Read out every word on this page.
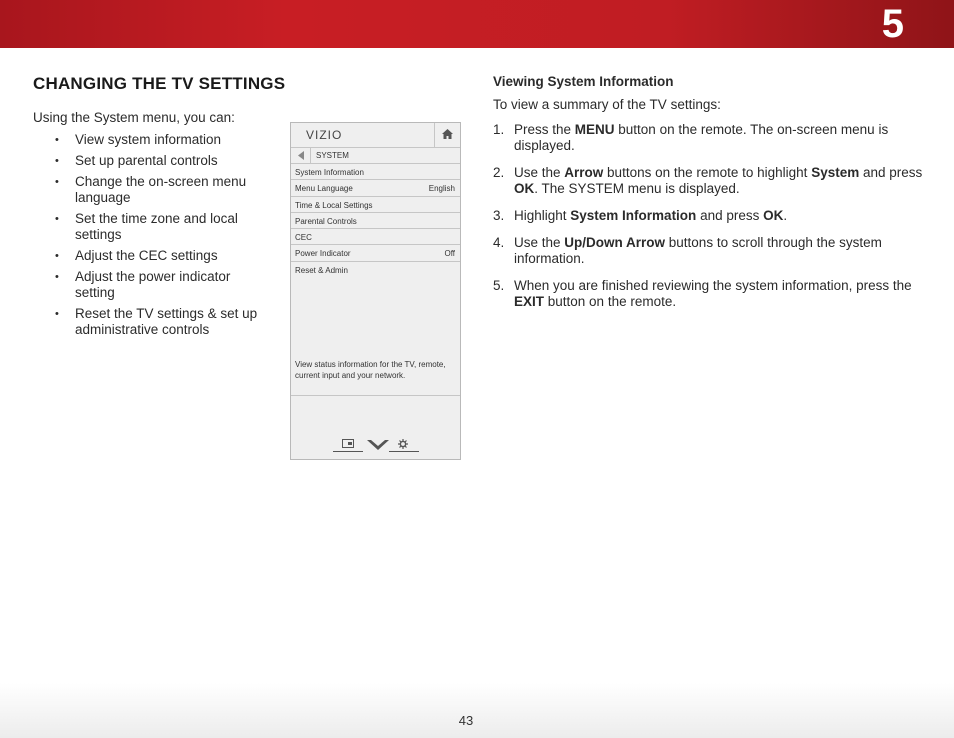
5
CHANGING THE TV SETTINGS
Using the System menu, you can:
• View system information
• Set up parental controls
• Change the on-screen menu language
• Set the time zone and local settings
• Adjust the CEC settings
• Adjust the power indicator setting
• Reset the TV settings & set up administrative controls
VIZIO
SYSTEM
System Information
Menu Language	English
Time & Local Settings
Parental Controls
CEC
Power Indicator	Off
Reset & Admin
View status information for the TV, remote, current input and your network.
Viewing System Information
To view a summary of the TV settings:
1. Press the MENU button on the remote. The on-screen menu is displayed.
2. Use the Arrow buttons on the remote to highlight System and press OK. The SYSTEM menu is displayed.
3. Highlight System Information and press OK.
4. Use the Up/Down Arrow buttons to scroll through the system information.
5. When you are finished reviewing the system information, press the EXIT button on the remote.
43
